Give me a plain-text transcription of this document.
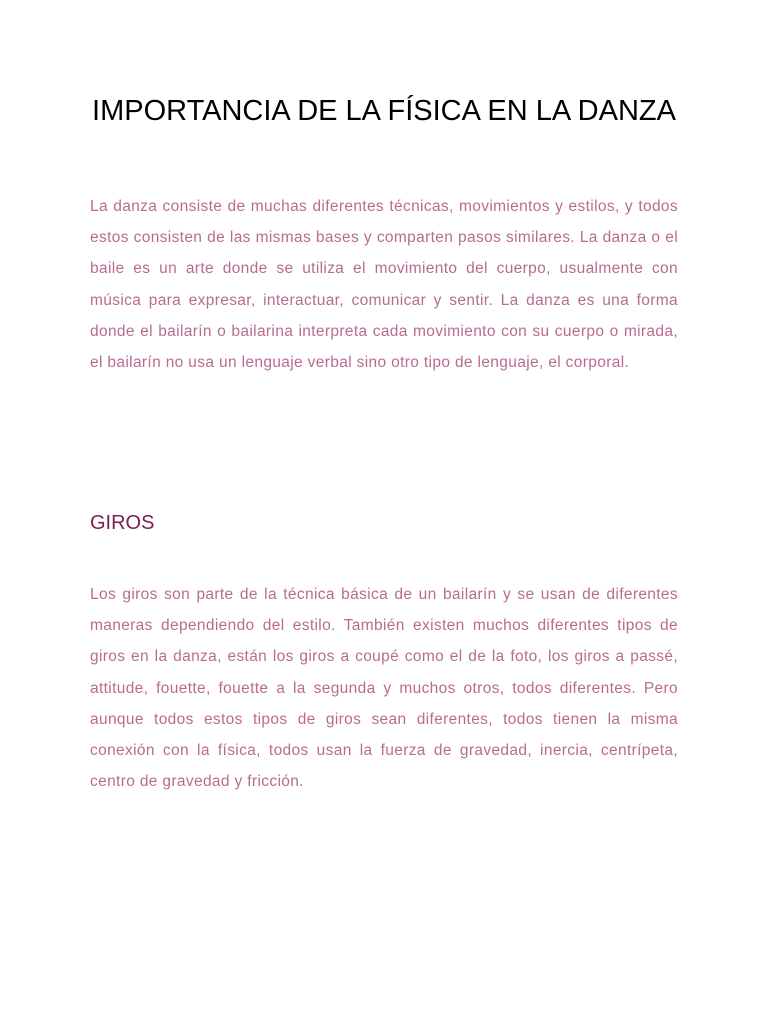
IMPORTANCIA DE LA FÍSICA EN LA DANZA

La danza consiste de muchas diferentes técnicas, movimientos y estilos, y todos estos consisten de las mismas bases y comparten pasos similares. La danza o el baile es un arte donde se utiliza el movimiento del cuerpo, usualmente con música para expresar, interactuar, comunicar y sentir. La danza es una forma donde el bailarín o bailarina interpreta cada movimiento con su cuerpo o mirada, el bailarín no usa un lenguaje verbal sino otro tipo de lenguaje, el corporal.

GIROS

Los giros son parte de la técnica básica de un bailarín y se usan de diferentes maneras dependiendo del estilo. También existen muchos diferentes tipos de giros en la danza, están los giros a coupé como el de la foto, los giros a passé, attitude, fouette, fouette a la segunda y muchos otros, todos diferentes. Pero aunque todos estos tipos de giros sean diferentes, todos tienen la misma conexión con la física, todos usan la fuerza de gravedad, inercia, centrípeta, centro de gravedad y fricción.
